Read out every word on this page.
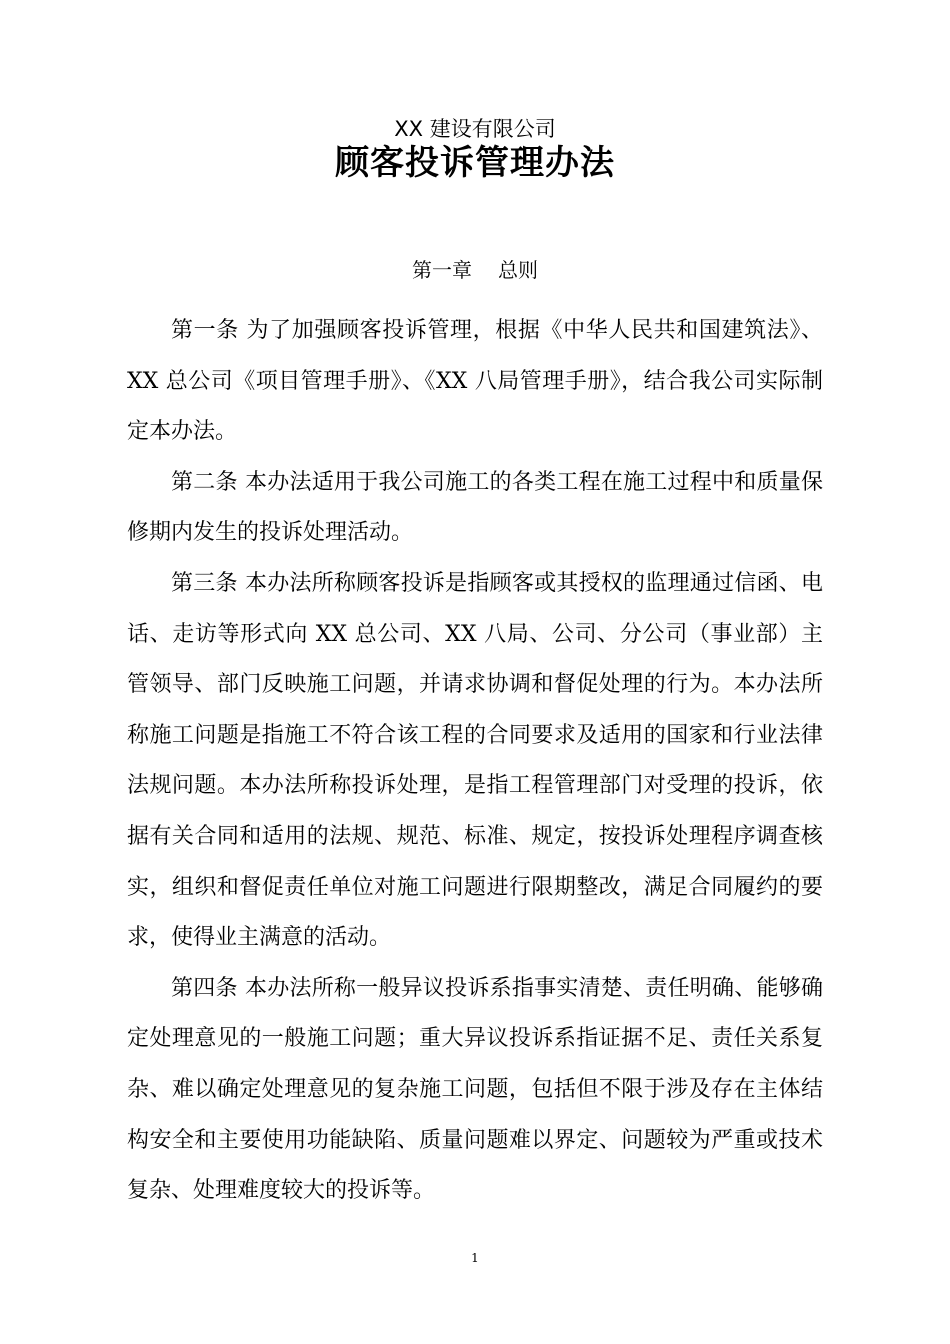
XX 建设有限公司
顾客投诉管理办法
第一章 总则

第一条 为了加强顾客投诉管理，根据《中华人民共和国建筑法》、XX 总公司《项目管理手册》、《XX 八局管理手册》，结合我公司实际制定本办法。

第二条 本办法适用于我公司施工的各类工程在施工过程中和质量保修期内发生的投诉处理活动。

第三条 本办法所称顾客投诉是指顾客或其授权的监理通过信函、电话、走访等形式向 XX 总公司、XX 八局、公司、分公司（事业部）主管领导、部门反映施工问题，并请求协调和督促处理的行为。本办法所称施工问题是指施工不符合该工程的合同要求及适用的国家和行业法律法规问题。本办法所称投诉处理，是指工程管理部门对受理的投诉，依据有关合同和适用的法规、规范、标准、规定，按投诉处理程序调查核实，组织和督促责任单位对施工问题进行限期整改，满足合同履约的要求，使得业主满意的活动。

第四条 本办法所称一般异议投诉系指事实清楚、责任明确、能够确定处理意见的一般施工问题；重大异议投诉系指证据不足、责任关系复杂、难以确定处理意见的复杂施工问题，包括但不限于涉及存在主体结构安全和主要使用功能缺陷、质量问题难以界定、问题较为严重或技术复杂、处理难度较大的投诉等。

1
